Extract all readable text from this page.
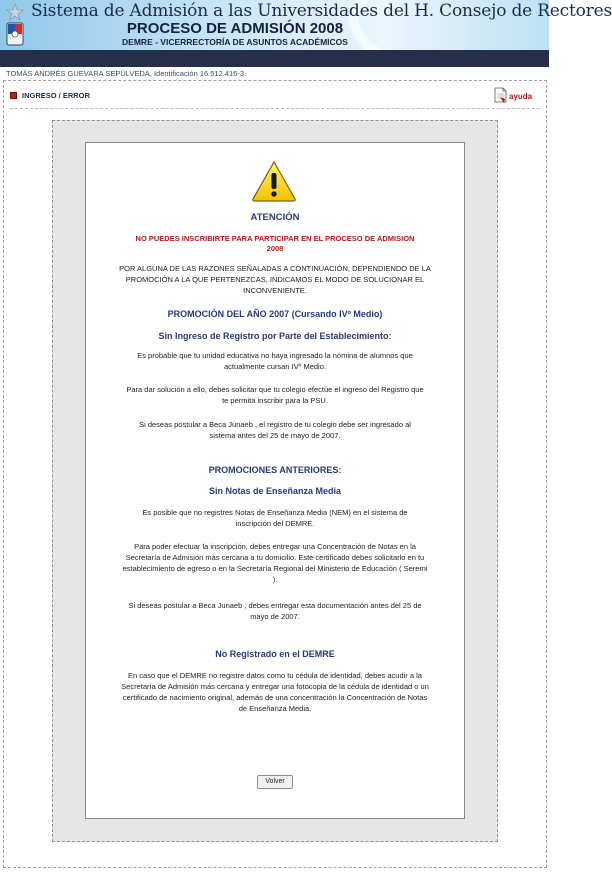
Sistema de Admisión a las Universidades del H. Consejo de Rectores
PROCESO DE ADMISIÓN 2008
DEMRE - VICERRECTORÍA DE ASUNTOS ACADÉMICOS
TOMÁS ANDRÉS GUEVARA SEPÚLVEDA, Identificación 16.512.416-3.
INGRESO / ERROR	ayuda
ATENCIÓN
NO PUEDES INSCRIBIRTE PARA PARTICIPAR EN EL PROCESO DE ADMISION 2008
POR ALGUNA DE LAS RAZONES SEÑALADAS A CONTINUACIÓN, DEPENDIENDO DE LA PROMOCIÓN A LA QUE PERTENEZCAS, INDICAMOS EL MODO DE SOLUCIONAR EL INCONVENIENTE.
PROMOCIÓN DEL AÑO 2007 (Cursando IVº Medio)
Sin Ingreso de Registro por Parte del Establecimiento:
Es probable que tu unidad educativa no haya ingresado la nómina de alumnos que actualmente cursan IVº Medio.
Para dar solución a ello, debes solicitar que tu colegio efectúe el ingreso del Registro que te permita inscribir para la PSU.
Si deseas postular a Beca Junaeb , el registro de tu colegio debe ser ingresado al sistema antes del 25 de mayo de 2007.
PROMOCIONES ANTERIORES:
Sin Notas de Enseñanza Media
Es posible que no registres Notas de Enseñanza Media (NEM) en el sistema de inscripción del DEMRE.
Para poder efectuar la inscripción, debes entregar una Concentración de Notas en la Secretaría de Admisión más cercana a tu domicilio. Este certificado debes solicitarlo en tu establecimiento de egreso o en la Secretaría Regional del Ministerio de Educación ( Seremi ).
Si deseas postular a Beca Junaeb , debes entregar esta documentación antes del 25 de mayo de 2007.
No Registrado en el DEMRE
En caso que el DEMRE no registre datos como tu cédula de identidad, debes acudir a la Secretaría de Admisión más cercana y entregar una fotocopia de la cédula de identidad o un certificado de nacimiento original, además de una concentración la Concentración de Notas de Enseñanza Media.
Volver
